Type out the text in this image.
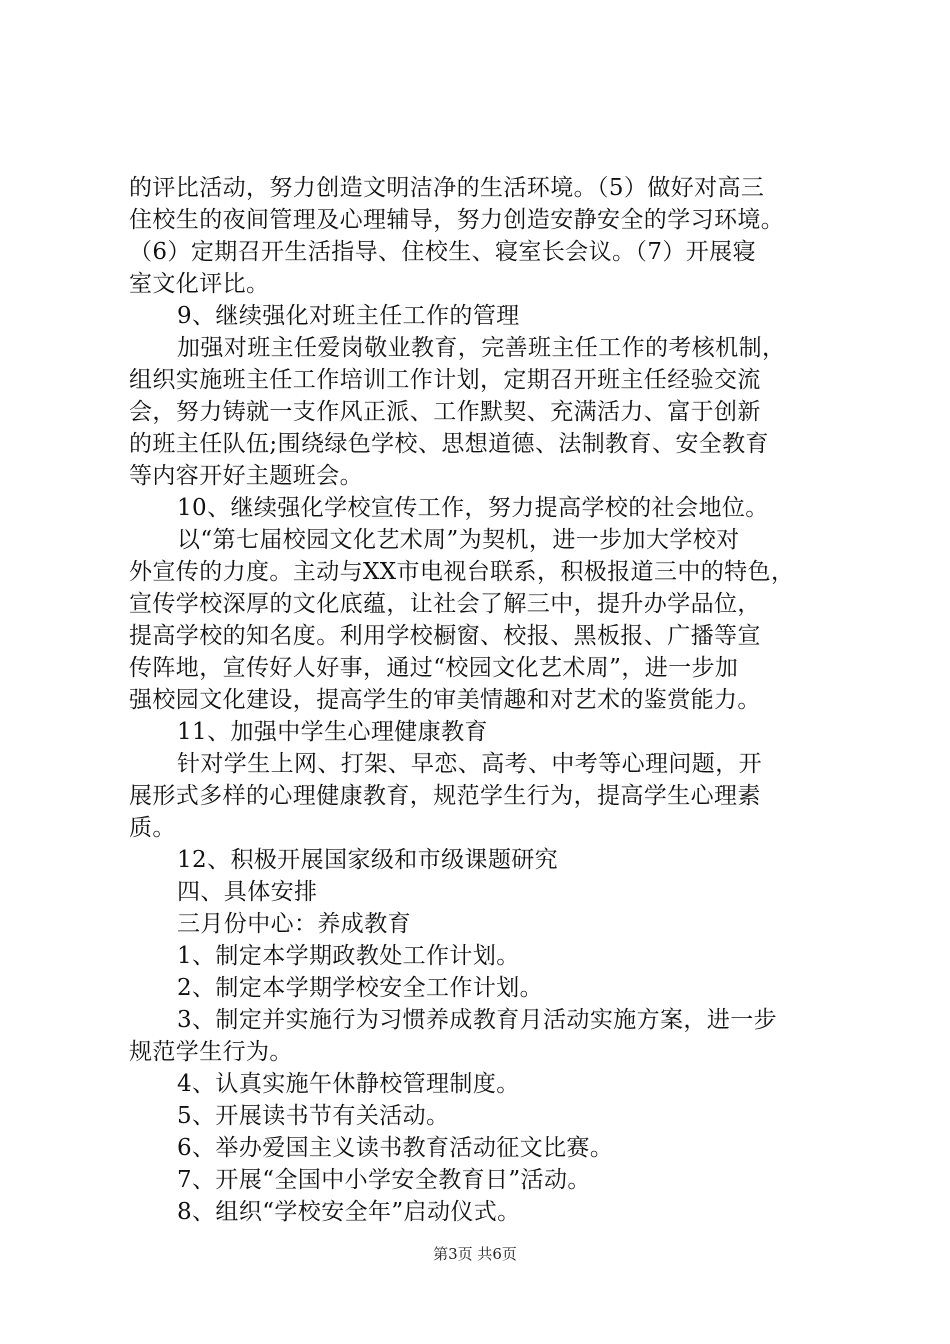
的评比活动，努力创造文明洁净的生活环境。（5）做好对高三
住校生的夜间管理及心理辅导，努力创造安静安全的学习环境。
（6）定期召开生活指导、住校生、寝室长会议。（7）开展寝
室文化评比。
9、继续强化对班主任工作的管理
加强对班主任爱岗敬业教育，完善班主任工作的考核机制，
组织实施班主任工作培训工作计划，定期召开班主任经验交流
会，努力铸就一支作风正派、工作默契、充满活力、富于创新
的班主任队伍;围绕绿色学校、思想道德、法制教育、安全教育
等内容开好主题班会。
10、继续强化学校宣传工作，努力提高学校的社会地位。
以“第七届校园文化艺术周”为契机，进一步加大学校对
外宣传的力度。主动与XX市电视台联系，积极报道三中的特色，
宣传学校深厚的文化底蕴，让社会了解三中，提升办学品位，
提高学校的知名度。利用学校橱窗、校报、黑板报、广播等宣
传阵地，宣传好人好事，通过“校园文化艺术周”，进一步加
强校园文化建设，提高学生的审美情趣和对艺术的鉴赏能力。
11、加强中学生心理健康教育
针对学生上网、打架、早恋、高考、中考等心理问题，开
展形式多样的心理健康教育，规范学生行为，提高学生心理素
质。
12、积极开展国家级和市级课题研究
四、具体安排
三月份中心：养成教育
1、制定本学期政教处工作计划。
2、制定本学期学校安全工作计划。
3、制定并实施行为习惯养成教育月活动实施方案，进一步
规范学生行为。
4、认真实施午休静校管理制度。
5、开展读书节有关活动。
6、举办爱国主义读书教育活动征文比赛。
7、开展“全国中小学安全教育日”活动。
8、组织“学校安全年”启动仪式。
第3页 共6页
